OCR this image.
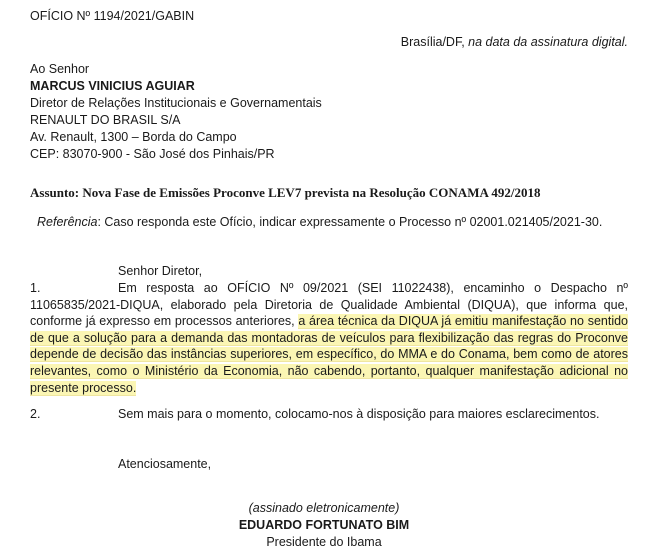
OFÍCIO Nº 1194/2021/GABIN
Brasília/DF, na data da assinatura digital.
Ao Senhor
MARCUS VINICIUS AGUIAR
Diretor de Relações Institucionais e Governamentais
RENAULT DO BRASIL S/A
Av. Renault, 1300 – Borda do Campo
CEP: 83070-900 - São José dos Pinhais/PR
Assunto: Nova Fase de Emissões Proconve LEV7 prevista na Resolução CONAMA 492/2018
Referência: Caso responda este Ofício, indicar expressamente o Processo nº 02001.021405/2021-30.
Senhor Diretor,
1.	Em resposta ao OFÍCIO Nº 09/2021 (SEI 11022438), encaminho o Despacho nº 11065835/2021-DIQUA, elaborado pela Diretoria de Qualidade Ambiental (DIQUA), que informa que, conforme já expresso em processos anteriores, a área técnica da DIQUA já emitiu manifestação no sentido de que a solução para a demanda das montadoras de veículos para flexibilização das regras do Proconve depende de decisão das instâncias superiores, em específico, do MMA e do Conama, bem como de atores relevantes, como o Ministério da Economia, não cabendo, portanto, qualquer manifestação adicional no presente processo.
2.	Sem mais para o momento, colocamo-nos à disposição para maiores esclarecimentos.
Atenciosamente,
(assinado eletronicamente)
EDUARDO FORTUNATO BIM
Presidente do Ibama
